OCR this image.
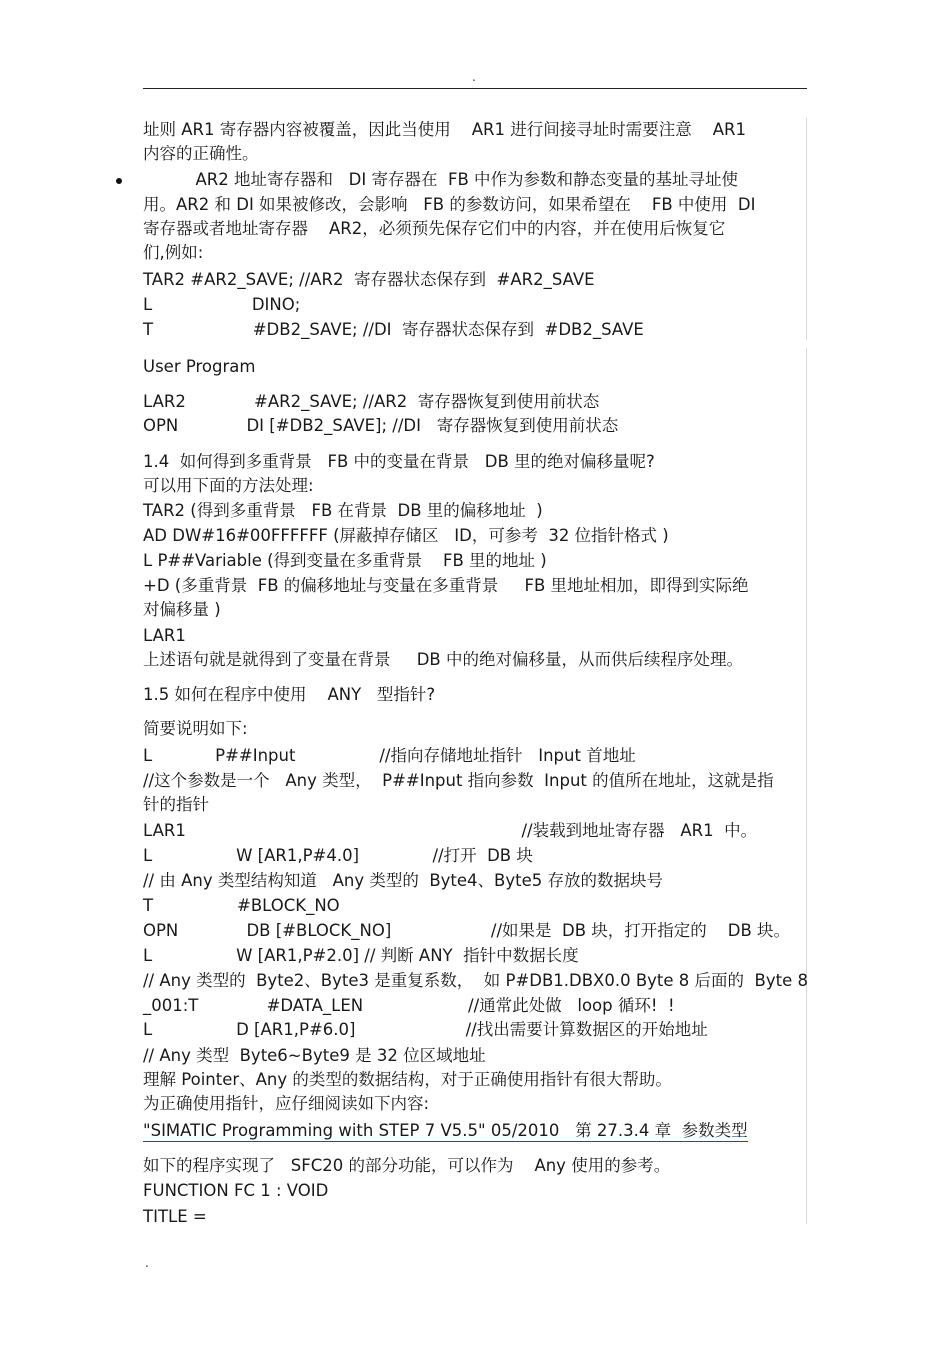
.
址则 AR1 寄存器内容被覆盖，因此当使用    AR1 进行间接寻址时需要注意    AR1
内容的正确性。
AR2 地址寄存器和   DI 寄存器在  FB 中作为参数和静态变量的基址寻址使
用。AR2 和 DI 如果被修改，会影响   FB 的参数访问，如果希望在    FB 中使用  DI
寄存器或者地址寄存器    AR2，必须预先保存它们中的内容，并在使用后恢复它
们,例如:
TAR2 #AR2_SAVE; //AR2  寄存器状态保存到  #AR2_SAVE
L                   DINO;
T                   #DB2_SAVE; //DI  寄存器状态保存到  #DB2_SAVE
User Program
LAR2             #AR2_SAVE; //AR2  寄存器恢复到使用前状态
OPN             DI [#DB2_SAVE]; //DI   寄存器恢复到使用前状态
1.4  如何得到多重背景   FB 中的变量在背景   DB 里的绝对偏移量呢?
可以用下面的方法处理:
TAR2 (得到多重背景   FB 在背景  DB 里的偏移地址  )
AD DW#16#00FFFFFF (屏蔽掉存储区   ID，可参考  32 位指针格式 )
L P##Variable (得到变量在多重背景    FB 里的地址 )
+D (多重背景  FB 的偏移地址与变量在多重背景     FB 里地址相加，即得到实际绝
对偏移量 )
LAR1
上述语句就是就得到了变量在背景     DB 中的绝对偏移量，从而供后续程序处理。
1.5 如何在程序中使用    ANY   型指针?
简要说明如下:
L            P##Input                //指向存储地址指针   Input 首地址
//这个参数是一个   Any 类型，  P##Input 指向参数  Input 的值所在地址，这就是指
针的指针
LAR1                                                                //装载到地址寄存器   AR1  中。
L                W [AR1,P#4.0]              //打开  DB 块
// 由 Any 类型结构知道   Any 类型的  Byte4、Byte5 存放的数据块号
T                #BLOCK_NO
OPN             DB [#BLOCK_NO]                   //如果是  DB 块，打开指定的    DB 块。
L                W [AR1,P#2.0] // 判断 ANY  指针中数据长度
// Any 类型的  Byte2、Byte3 是重复系数，  如 P#DB1.DBX0.0 Byte 8 后面的  Byte 8
_001:T             #DATA_LEN                    //通常此处做   loop 循环!  !
L                D [AR1,P#6.0]                     //找出需要计算数据区的开始地址
// Any 类型  Byte6~Byte9 是 32 位区域地址
理解 Pointer、Any 的类型的数据结构，对于正确使用指针有很大帮助。
为正确使用指针，应仔细阅读如下内容:
"SIMATIC Programming with STEP 7 V5.5" 05/2010   第 27.3.4 章  参数类型
如下的程序实现了   SFC20 的部分功能，可以作为    Any 使用的参考。
FUNCTION FC 1 : VOID
TITLE =
.
